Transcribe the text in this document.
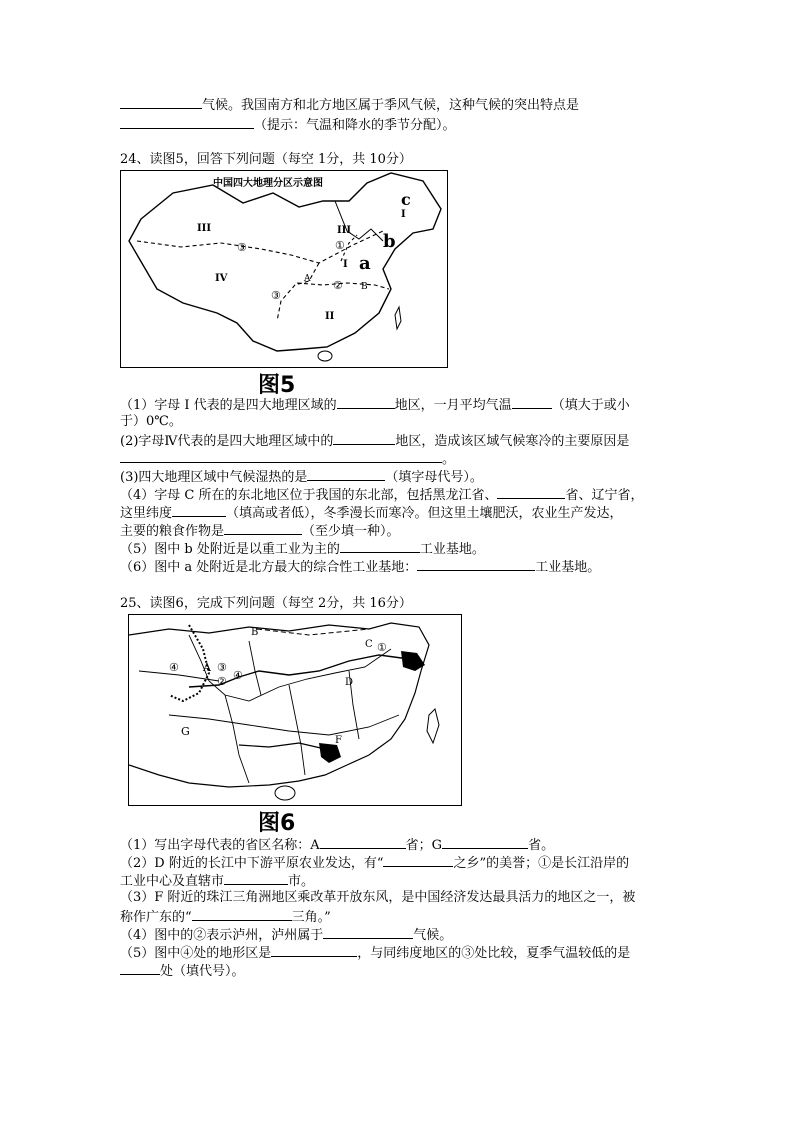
气候。我国南方和北方地区属于季风气候，这种气候的突出特点是
（提示：气温和降水的季节分配）。
24、读图5，回答下列问题（每空 1分，共 10分）
中国四大地理分区示意图
III	III
IV
I
I
II
A
B
a
b
c
③
③
①
②
图5
（1）字母 I 代表的是四大地理区域的	地区，一月平均气温	（填大于或小
于）0℃。
(2)字母Ⅳ代表的是四大地理区域中的	地区，造成该区域气候寒冷的主要原因是
。
(3)四大地理区域中气候湿热的是	（填字母代号）。
（4）字母 C 所在的东北地区位于我国的东北部，包括黑龙江省、	省、辽宁省，
这里纬度	（填高或者低），冬季漫长而寒冷。但这里土壤肥沃，农业生产发达，
主要的粮食作物是	（至少填一种）。
（5）图中 b 处附近是以重工业为主的	工业基地。
（6）图中 a 处附近是北方最大的综合性工业基地：	工业基地。
25、读图6，完成下列问题（每空 2分，共 16分）
A
B
C
D
F
G
④	③
② ④
①
图6
（1）写出字母代表的省区名称：A	省；G	省。
（2）D 附近的长江中下游平原农业发达，有“	之乡”的美誉；①是长江沿岸的
工业中心及直辖市	市。
（3）F 附近的珠江三角洲地区乘改革开放东风，是中国经济发达最具活力的地区之一，被
称作广东的“	三角。”
（4）图中的②表示泸州，泸州属于	气候。
（5）图中④处的地形区是	，与同纬度地区的③处比较，夏季气温较低的是
处（填代号）。
